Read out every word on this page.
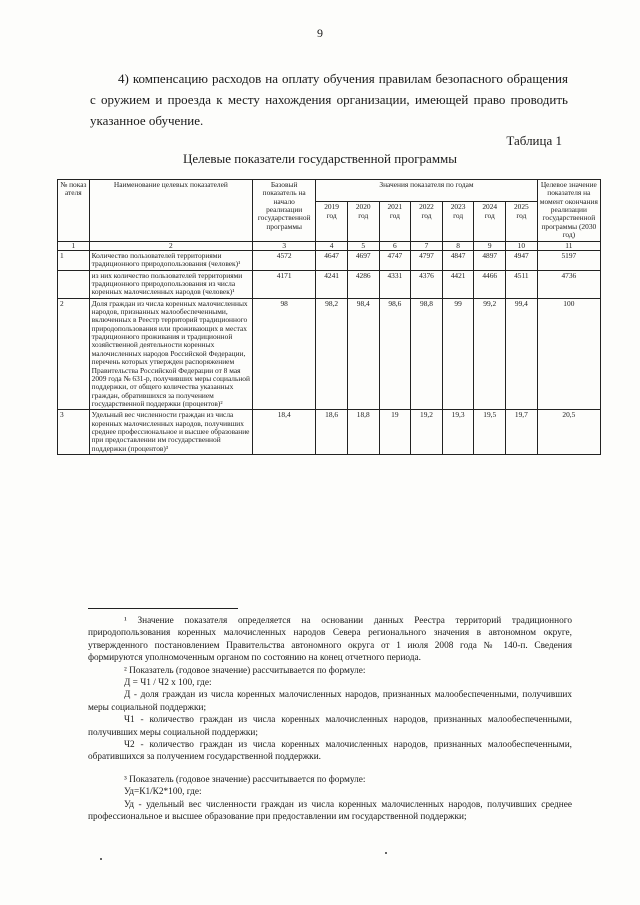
9

4) компенсацию расходов на оплату обучения правилам безопасного обращения с оружием и проезда к месту нахождения организации, имеющей право проводить указанное обучение.

Таблица 1
Целевые показатели государственной программы
№ показ ателя	Наименование целевых показателей	Базовый показатель на начало реализации государственной программы	Значения показателя по годам							Целевое значение показателя на момент окончания реализации государственной программы (2030 год)
			2019 год	2020 год	2021 год	2022 год	2023 год	2024 год	2025 год	
1	2	3	4	5	6	7	8	9	10	11
1	Количество пользователей территориями традиционного природопользования (человек)¹	4572	4647	4697	4747	4797	4847	4897	4947	5197
	из них количество пользователей территориями традиционного природопользования из числа коренных малочисленных народов (человек)¹	4171	4241	4286	4331	4376	4421	4466	4511	4736
2	Доля граждан из числа коренных малочисленных народов, признанных малообеспеченными, включенных в Реестр территорий традиционного природопользования или проживающих в местах традиционного проживания и традиционной хозяйственной деятельности коренных малочисленных народов Российской Федерации, перечень которых утвержден распоряжением Правительства Российской Федерации от 8 мая 2009 года № 631-р, получивших меры социальной поддержки, от общего количества указанных граждан, обратившихся за получением государственной поддержки (процентов)²	98	98,2	98,4	98,6	98,8	99	99,2	99,4	100
3	Удельный вес численности граждан из числа коренных малочисленных народов, получивших среднее профессиональное и высшее образование при предоставлении им государственной поддержки (процентов)³	18,4	18,6	18,8	19	19,2	19,3	19,5	19,7	20,5

¹ Значение показателя определяется на основании данных Реестра территорий традиционного природопользования коренных малочисленных народов Севера регионального значения в автономном округе, утвержденного постановлением Правительства автономного округа от 1 июля 2008 года № 140-п. Сведения формируются уполномоченным органом по состоянию на конец отчетного периода.

² Показатель (годовое значение) рассчитывается по формуле:

Д = Ч1 / Ч2 x 100, где:

Д - доля граждан из числа коренных малочисленных народов, признанных малообеспеченными, получивших меры социальной поддержки;

Ч1 - количество граждан из числа коренных малочисленных народов, признанных малообеспеченными, получивших меры социальной поддержки;

Ч2 - количество граждан из числа коренных малочисленных народов, признанных малообеспеченными, обратившихся за получением государственной поддержки.

³ Показатель (годовое значение) рассчитывается по формуле:

Уд=К1/К2*100, где:

Уд - удельный вес численности граждан из числа коренных малочисленных народов, получивших среднее профессиональное и высшее образование при предоставлении им государственной поддержки;
